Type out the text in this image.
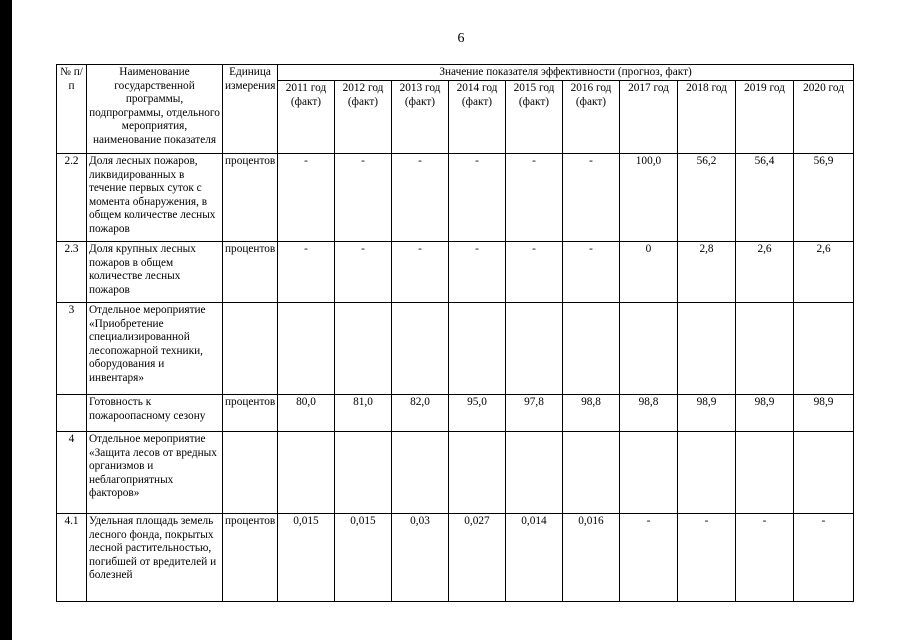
6
№ п/п	Наименование государственной программы, подпрограммы, отдельного мероприятия, наименование показателя	Единица измерения	Значение показателя эффективности (прогноз, факт)									
			2011 год (факт)	2012 год (факт)	2013 год (факт)	2014 год (факт)	2015 год (факт)	2016 год (факт)	2017 год	2018 год	2019 год	2020 год
2.2	Доля лесных пожаров, ликвидированных в течение первых суток с момента обнаружения, в общем количестве лесных пожаров	процентов	-	-	-	-	-	-	100,0	56,2	56,4	56,9
2.3	Доля крупных лесных пожаров в общем количестве лесных пожаров	процентов	-	-	-	-	-	-	0	2,8	2,6	2,6
3	Отдельное мероприятие «Приобретение специализированной лесопожарной техники, оборудования и инвентаря»											
	Готовность к пожароопасному сезону	процентов	80,0	81,0	82,0	95,0	97,8	98,8	98,8	98,9	98,9	98,9
4	Отдельное мероприятие «Защита лесов от вредных организмов и неблагоприятных факторов»											
4.1	Удельная площадь земель лесного фонда, покрытых лесной растительностью, погибшей от вредителей и болезней	процентов	0,015	0,015	0,03	0,027	0,014	0,016	-	-	-	-
